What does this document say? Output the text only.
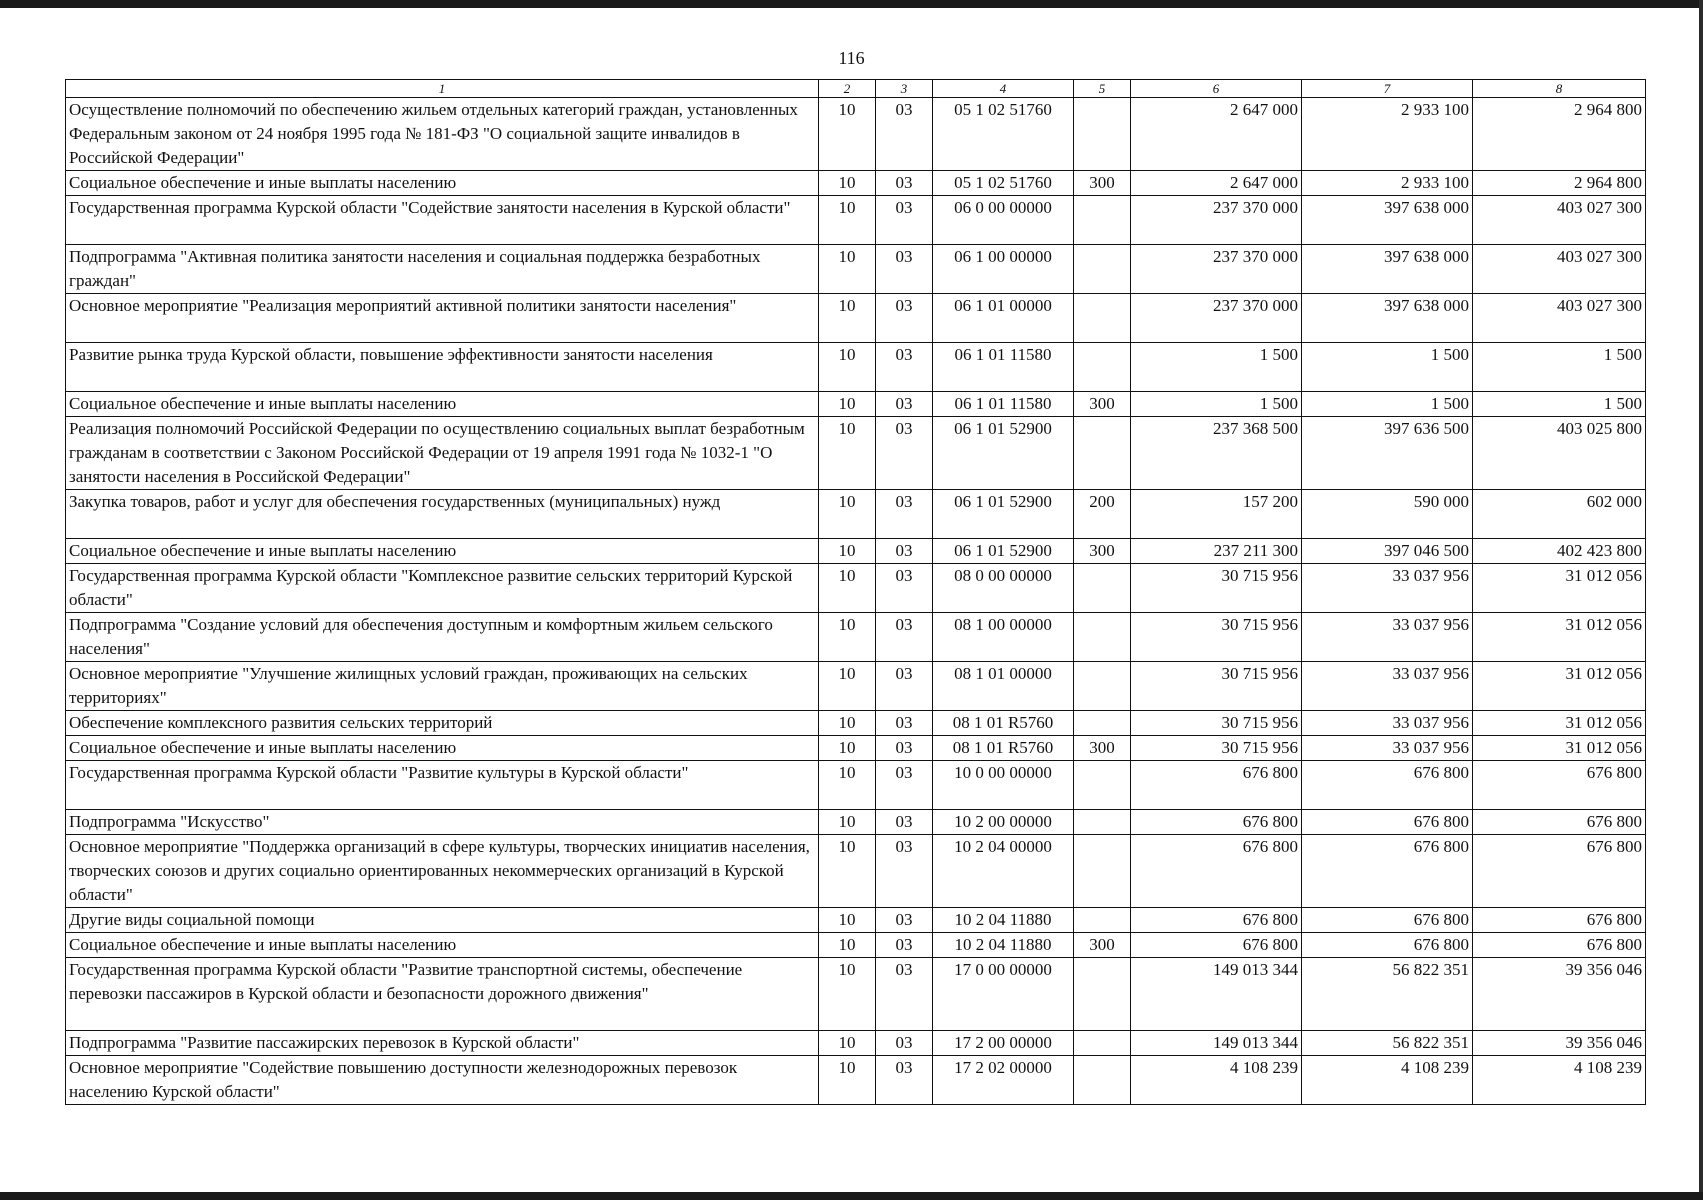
116
1	2	3	4	5	6	7	8
Осуществление полномочий по обеспечению жильем отдельных категорий граждан, установленных Федеральным законом от 24 ноября 1995 года № 181-ФЗ "О социальной защите инвалидов в Российской Федерации"	10	03	05 1 02 51760		2 647 000	2 933 100	2 964 800
Социальное обеспечение и иные выплаты населению	10	03	05 1 02 51760	300	2 647 000	2 933 100	2 964 800
Государственная программа Курской области "Содействие занятости населения в Курской области"	10	03	06 0 00 00000		237 370 000	397 638 000	403 027 300
Подпрограмма "Активная политика занятости населения и социальная поддержка безработных граждан"	10	03	06 1 00 00000		237 370 000	397 638 000	403 027 300
Основное мероприятие "Реализация мероприятий активной политики занятости населения"	10	03	06 1 01 00000		237 370 000	397 638 000	403 027 300
Развитие рынка труда Курской области, повышение эффективности занятости населения	10	03	06 1 01 11580		1 500	1 500	1 500
Социальное обеспечение и иные выплаты населению	10	03	06 1 01 11580	300	1 500	1 500	1 500
Реализация полномочий Российской Федерации по осуществлению социальных выплат безработным гражданам в соответствии с Законом Российской Федерации от 19 апреля 1991 года № 1032-1 "О занятости населения в Российской Федерации"	10	03	06 1 01 52900		237 368 500	397 636 500	403 025 800
Закупка товаров, работ и услуг для обеспечения государственных (муниципальных) нужд	10	03	06 1 01 52900	200	157 200	590 000	602 000
Социальное обеспечение и иные выплаты населению	10	03	06 1 01 52900	300	237 211 300	397 046 500	402 423 800
Государственная программа Курской области "Комплексное развитие сельских территорий Курской области"	10	03	08 0 00 00000		30 715 956	33 037 956	31 012 056
Подпрограмма "Создание условий для обеспечения доступным и комфортным жильем сельского населения"	10	03	08 1 00 00000		30 715 956	33 037 956	31 012 056
Основное мероприятие "Улучшение жилищных условий граждан, проживающих на сельских территориях"	10	03	08 1 01 00000		30 715 956	33 037 956	31 012 056
Обеспечение комплексного развития сельских территорий	10	03	08 1 01 R5760		30 715 956	33 037 956	31 012 056
Социальное обеспечение и иные выплаты населению	10	03	08 1 01 R5760	300	30 715 956	33 037 956	31 012 056
Государственная программа Курской области "Развитие культуры в Курской области"	10	03	10 0 00 00000		676 800	676 800	676 800
Подпрограмма "Искусство"	10	03	10 2 00 00000		676 800	676 800	676 800
Основное мероприятие "Поддержка организаций в сфере культуры, творческих инициатив населения, творческих союзов и других социально ориентированных некоммерческих организаций в Курской области"	10	03	10 2 04 00000		676 800	676 800	676 800
Другие виды социальной помощи	10	03	10 2 04 11880		676 800	676 800	676 800
Социальное обеспечение и иные выплаты населению	10	03	10 2 04 11880	300	676 800	676 800	676 800
Государственная программа Курской области "Развитие транспортной системы, обеспечение перевозки пассажиров в Курской области и безопасности дорожного движения"	10	03	17 0 00 00000		149 013 344	56 822 351	39 356 046
Подпрограмма "Развитие пассажирских перевозок в Курской области"	10	03	17 2 00 00000		149 013 344	56 822 351	39 356 046
Основное мероприятие "Содействие повышению доступности железнодорожных перевозок населению Курской области"	10	03	17 2 02 00000		4 108 239	4 108 239	4 108 239
